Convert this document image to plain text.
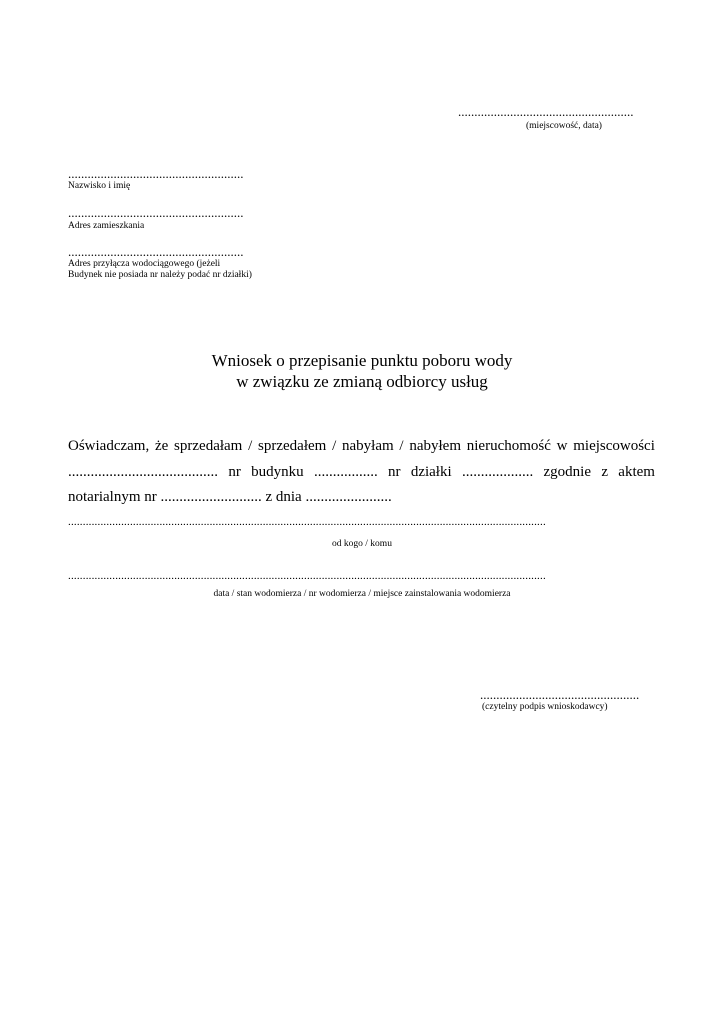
......................................................
(miejscowość, data)
......................................................
Nazwisko i imię
......................................................
Adres zamieszkania
......................................................
Adres przyłącza wodociągowego (jeżeli
Budynek nie posiada nr należy podać nr działki)
Wniosek o przepisanie punktu poboru wody
w związku ze zmianą odbiorcy usług
Oświadczam, że sprzedałam / sprzedałem / nabyłam / nabyłem nieruchomość w miejscowości
........................................ nr budynku ................. nr działki ................... zgodnie z aktem
notarialnym nr ........................... z dnia .......................
..................................................................................................................................................................
od kogo / komu
..................................................................................................................................................................
data / stan wodomierza / nr wodomierza / miejsce zainstalowania wodomierza
.................................................
(czytelny podpis wnioskodawcy)
